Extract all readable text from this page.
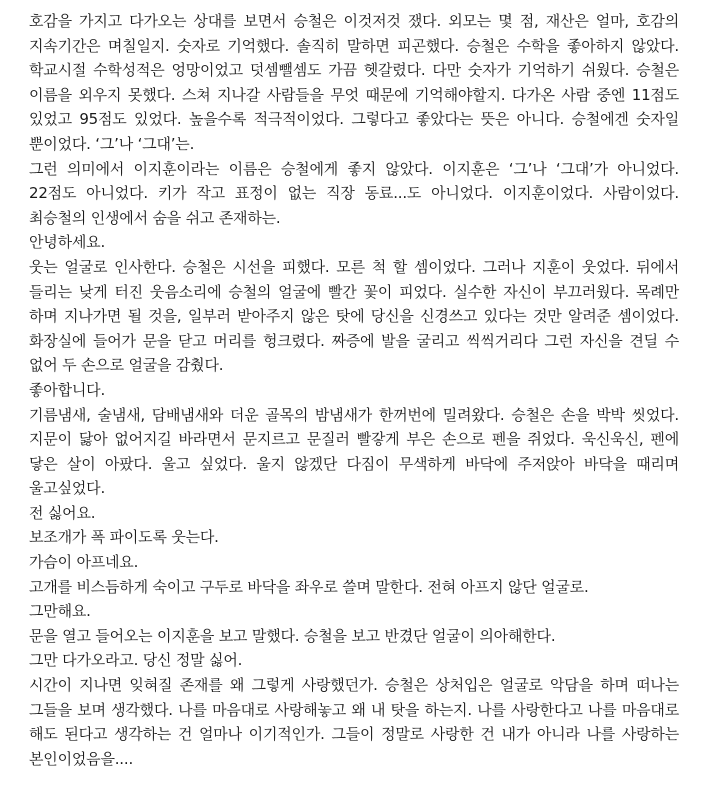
호감을 가지고 다가오는 상대를 보면서 승철은 이것저것 쟀다. 외모는 몇 점, 재산은 얼마, 호감의 지속기간은 며칠일지. 숫자로 기억했다. 솔직히 말하면 피곤했다. 승철은 수학을 좋아하지 않았다. 학교시절 수학성적은 엉망이었고 덧셈뺄셈도 가끔 헷갈렸다. 다만 숫자가 기억하기 쉬웠다. 승철은 이름을 외우지 못했다. 스쳐 지나갈 사람들을 무엇 때문에 기억해야할지. 다가온 사람 중엔 11점도 있었고 95점도 있었다. 높을수록 적극적이었다. 그렇다고 좋았다는 뜻은 아니다. 승철에겐 숫자일 뿐이었다. ‘그’나 ‘그대’는.

그런 의미에서 이지훈이라는 이름은 승철에게 좋지 않았다. 이지훈은 ‘그’나 ‘그대’가 아니었다. 22점도 아니었다. 키가 작고 표정이 없는 직장 동료...도 아니었다. 이지훈이었다. 사람이었다. 최승철의 인생에서 숨을 쉬고 존재하는.

안녕하세요.

웃는 얼굴로 인사한다. 승철은 시선을 피했다. 모른 척 할 셈이었다. 그러나 지훈이 웃었다. 뒤에서 들리는 낮게 터진 웃음소리에 승철의 얼굴에 빨간 꽃이 피었다. 실수한 자신이 부끄러웠다. 목례만 하며 지나가면 될 것을, 일부러 받아주지 않은 탓에 당신을 신경쓰고 있다는 것만 알려준 셈이었다. 화장실에 들어가 문을 닫고 머리를 헝크렸다. 짜증에 발을 굴리고 씩씩거리다 그런 자신을 견딜 수 없어 두 손으로 얼굴을 감췄다.

좋아합니다.

기름냄새, 술냄새, 담배냄새와 더운 골목의 밤냄새가 한꺼번에 밀려왔다. 승철은 손을 박박 씻었다. 지문이 닳아 없어지길 바라면서 문지르고 문질러 빨갛게 부은 손으로 펜을 쥐었다. 욱신욱신, 펜에 닿은 살이 아팠다. 울고 싶었다. 울지 않겠단 다짐이 무색하게 바닥에 주저앉아 바닥을 때리며 울고싶었다.

전 싫어요.

보조개가 폭 파이도록 웃는다.

가슴이 아프네요.

고개를 비스듬하게 숙이고 구두로 바닥을 좌우로 쓸며 말한다. 전혀 아프지 않단 얼굴로.

그만해요.

문을 열고 들어오는 이지훈을 보고 말했다. 승철을 보고 반겼단 얼굴이 의아해한다.

그만 다가오라고. 당신 정말 싫어.

시간이 지나면 잊혀질 존재를 왜 그렇게 사랑했던가. 승철은 상처입은 얼굴로 악담을 하며 떠나는 그들을 보며 생각했다. 나를 마음대로 사랑해놓고 왜 내 탓을 하는지. 나를 사랑한다고 나를 마음대로 해도 된다고 생각하는 건 얼마나 이기적인가. 그들이 정말로 사랑한 건 내가 아니라 나를 사랑하는 본인이었음을....
